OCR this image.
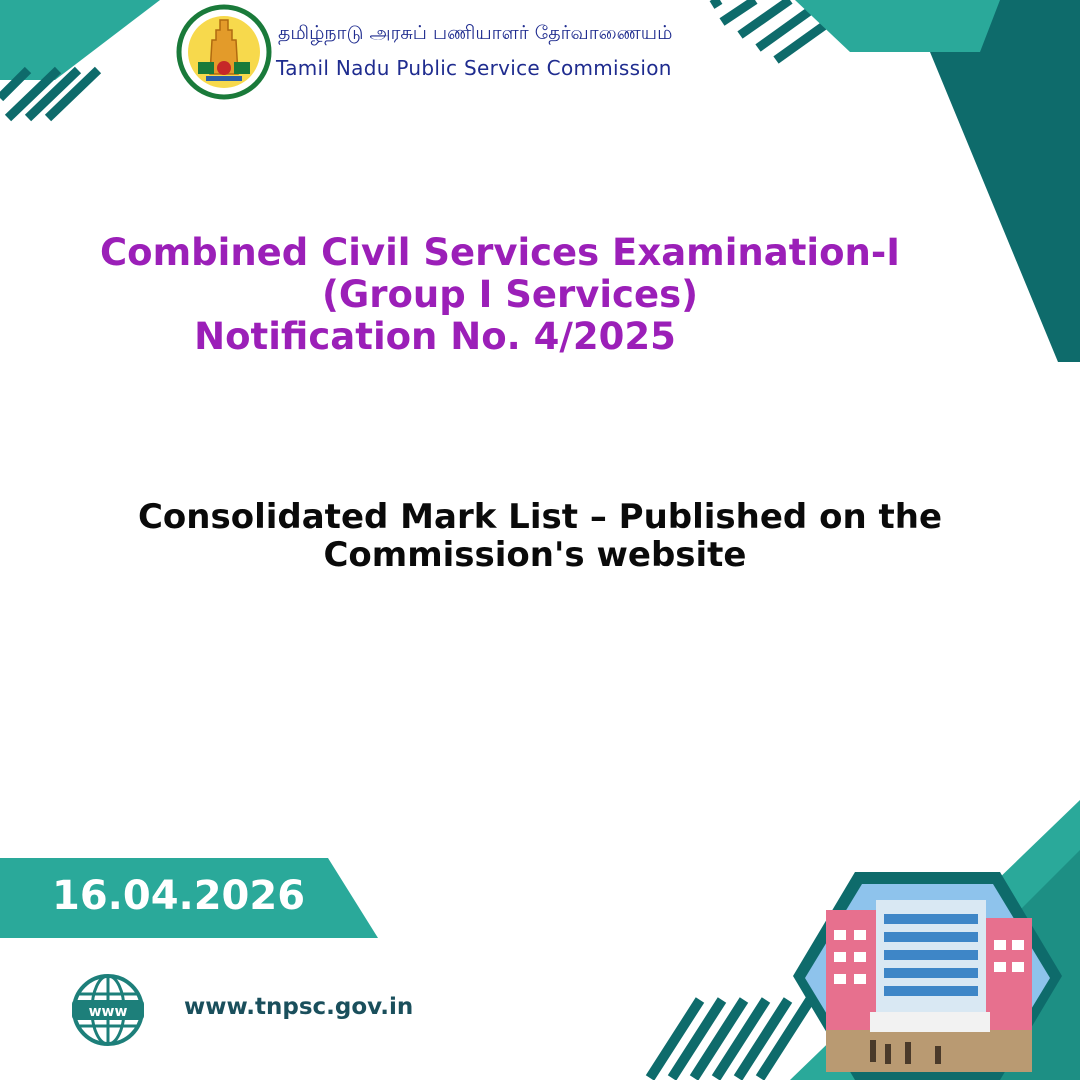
தமிழ்நாடு அரசுப் பணியாளர் தேர்வாணையம்
Tamil Nadu Public Service Commission
Combined Civil Services Examination-I
(Group I Services)
Notification No. 4/2025
Consolidated Mark List – Published on the
Commission's website
16.04.2026
www www.tnpsc.gov.in
